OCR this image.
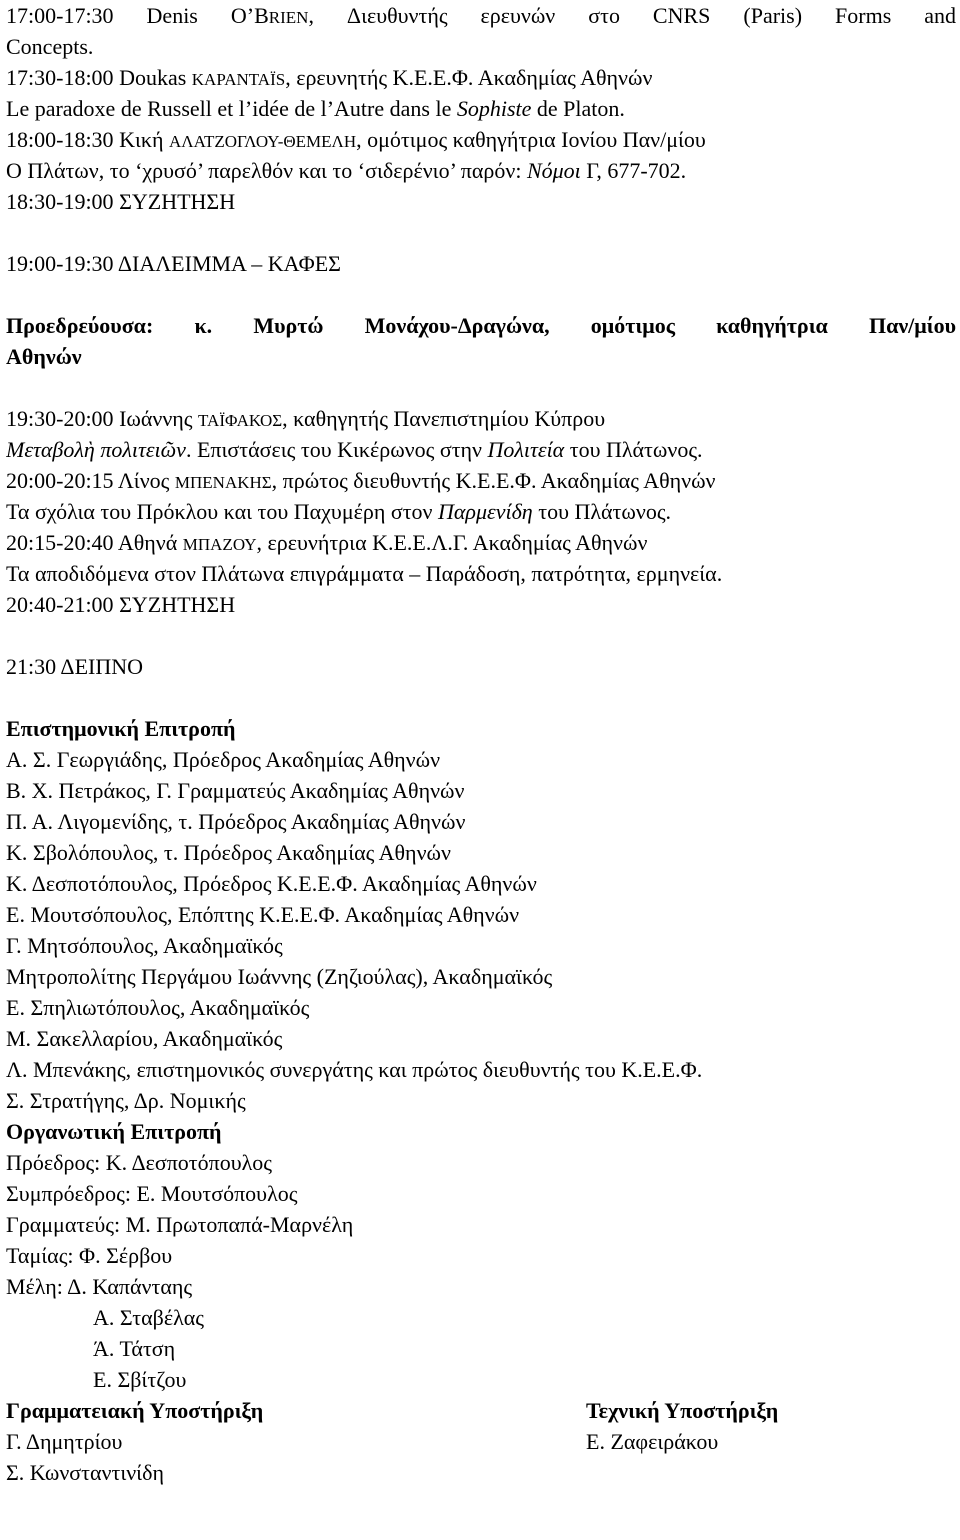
17:00-17:30 Denis O’BRIEN, Διευθυντής ερευνών στο CNRS (Paris) Forms and
Concepts.
17:30-18:00 Doukas KAPANTAÏS, ερευνητής Κ.Ε.Ε.Φ. Ακαδημίας Αθηνών
Le paradoxe de Russell et l’idée de l’Autre dans le Sophiste de Platon.
18:00-18:30 Κική ΑΛΑΤΖΟΓΛΟΥ-ΘΕΜΕΛΗ, ομότιμος καθηγήτρια Ιονίου Παν/μίου
Ο Πλάτων, το ‘χρυσό’ παρελθόν και το ‘σιδερένιο’ παρόν: Νόμοι Γ, 677-702.
18:30-19:00 ΣΥΖΗΤΗΣΗ
19:00-19:30 ΔΙΑΛΕΙΜΜΑ – ΚΑΦΕΣ
Προεδρεύουσα: κ. Μυρτώ Μονάχου-Δραγώνα, ομότιμος καθηγήτρια Παν/μίου
Αθηνών
19:30-20:00 Ιωάννης ΤΑΪΦΑΚΟΣ, καθηγητής Πανεπιστημίου Κύπρου
Μεταβολὴ πολιτειῶν. Επιστάσεις του Κικέρωνος στην Πολιτεία του Πλάτωνος.
20:00-20:15 Λίνος ΜΠΕΝΑΚΗΣ, πρώτος διευθυντής Κ.Ε.Ε.Φ. Ακαδημίας Αθηνών
Τα σχόλια του Πρόκλου και του Παχυμέρη στον Παρμενίδη του Πλάτωνος.
20:15-20:40 Αθηνά ΜΠΑΖΟΥ, ερευνήτρια Κ.Ε.Ε.Λ.Γ. Ακαδημίας Αθηνών
Τα αποδιδόμενα στον Πλάτωνα επιγράμματα – Παράδοση, πατρότητα, ερμηνεία.
20:40-21:00 ΣΥΖΗΤΗΣΗ
21:30 ΔΕΙΠΝΟ
Επιστημονική Επιτροπή
Α. Σ. Γεωργιάδης, Πρόεδρος Ακαδημίας Αθηνών
Β. Χ. Πετράκος, Γ. Γραμματεύς Ακαδημίας Αθηνών
Π. Α. Λιγομενίδης, τ. Πρόεδρος Ακαδημίας Αθηνών
Κ. Σβολόπουλος, τ. Πρόεδρος Ακαδημίας Αθηνών
Κ. Δεσποτόπουλος, Πρόεδρος Κ.Ε.Ε.Φ. Ακαδημίας Αθηνών
Ε. Μουτσόπουλος, Επόπτης Κ.Ε.Ε.Φ. Ακαδημίας Αθηνών
Γ. Μητσόπουλος, Ακαδημαϊκός
Μητροπολίτης Περγάμου Ιωάννης (Ζηζιούλας), Ακαδημαϊκός
Ε. Σπηλιωτόπουλος, Ακαδημαϊκός
Μ. Σακελλαρίου, Ακαδημαϊκός
Λ. Μπενάκης, επιστημονικός συνεργάτης και πρώτος διευθυντής του Κ.Ε.Ε.Φ.
Σ. Στρατήγης, Δρ. Νομικής
Οργανωτική Επιτροπή
Πρόεδρος: Κ. Δεσποτόπουλος
Συμπρόεδρος: Ε. Μουτσόπουλος
Γραμματεύς: Μ. Πρωτοπαπά-Μαρνέλη
Ταμίας: Φ. Σέρβου
Μέλη: Δ. Καπάνταης
Α. Σταβέλας
Ά. Τάτση
Ε. Σβίτζου
Γραμματειακή Υποστήριξη
Γ. Δημητρίου
Σ. Κωνσταντινίδη
Τεχνική Υποστήριξη
Ε. Ζαφειράκου
